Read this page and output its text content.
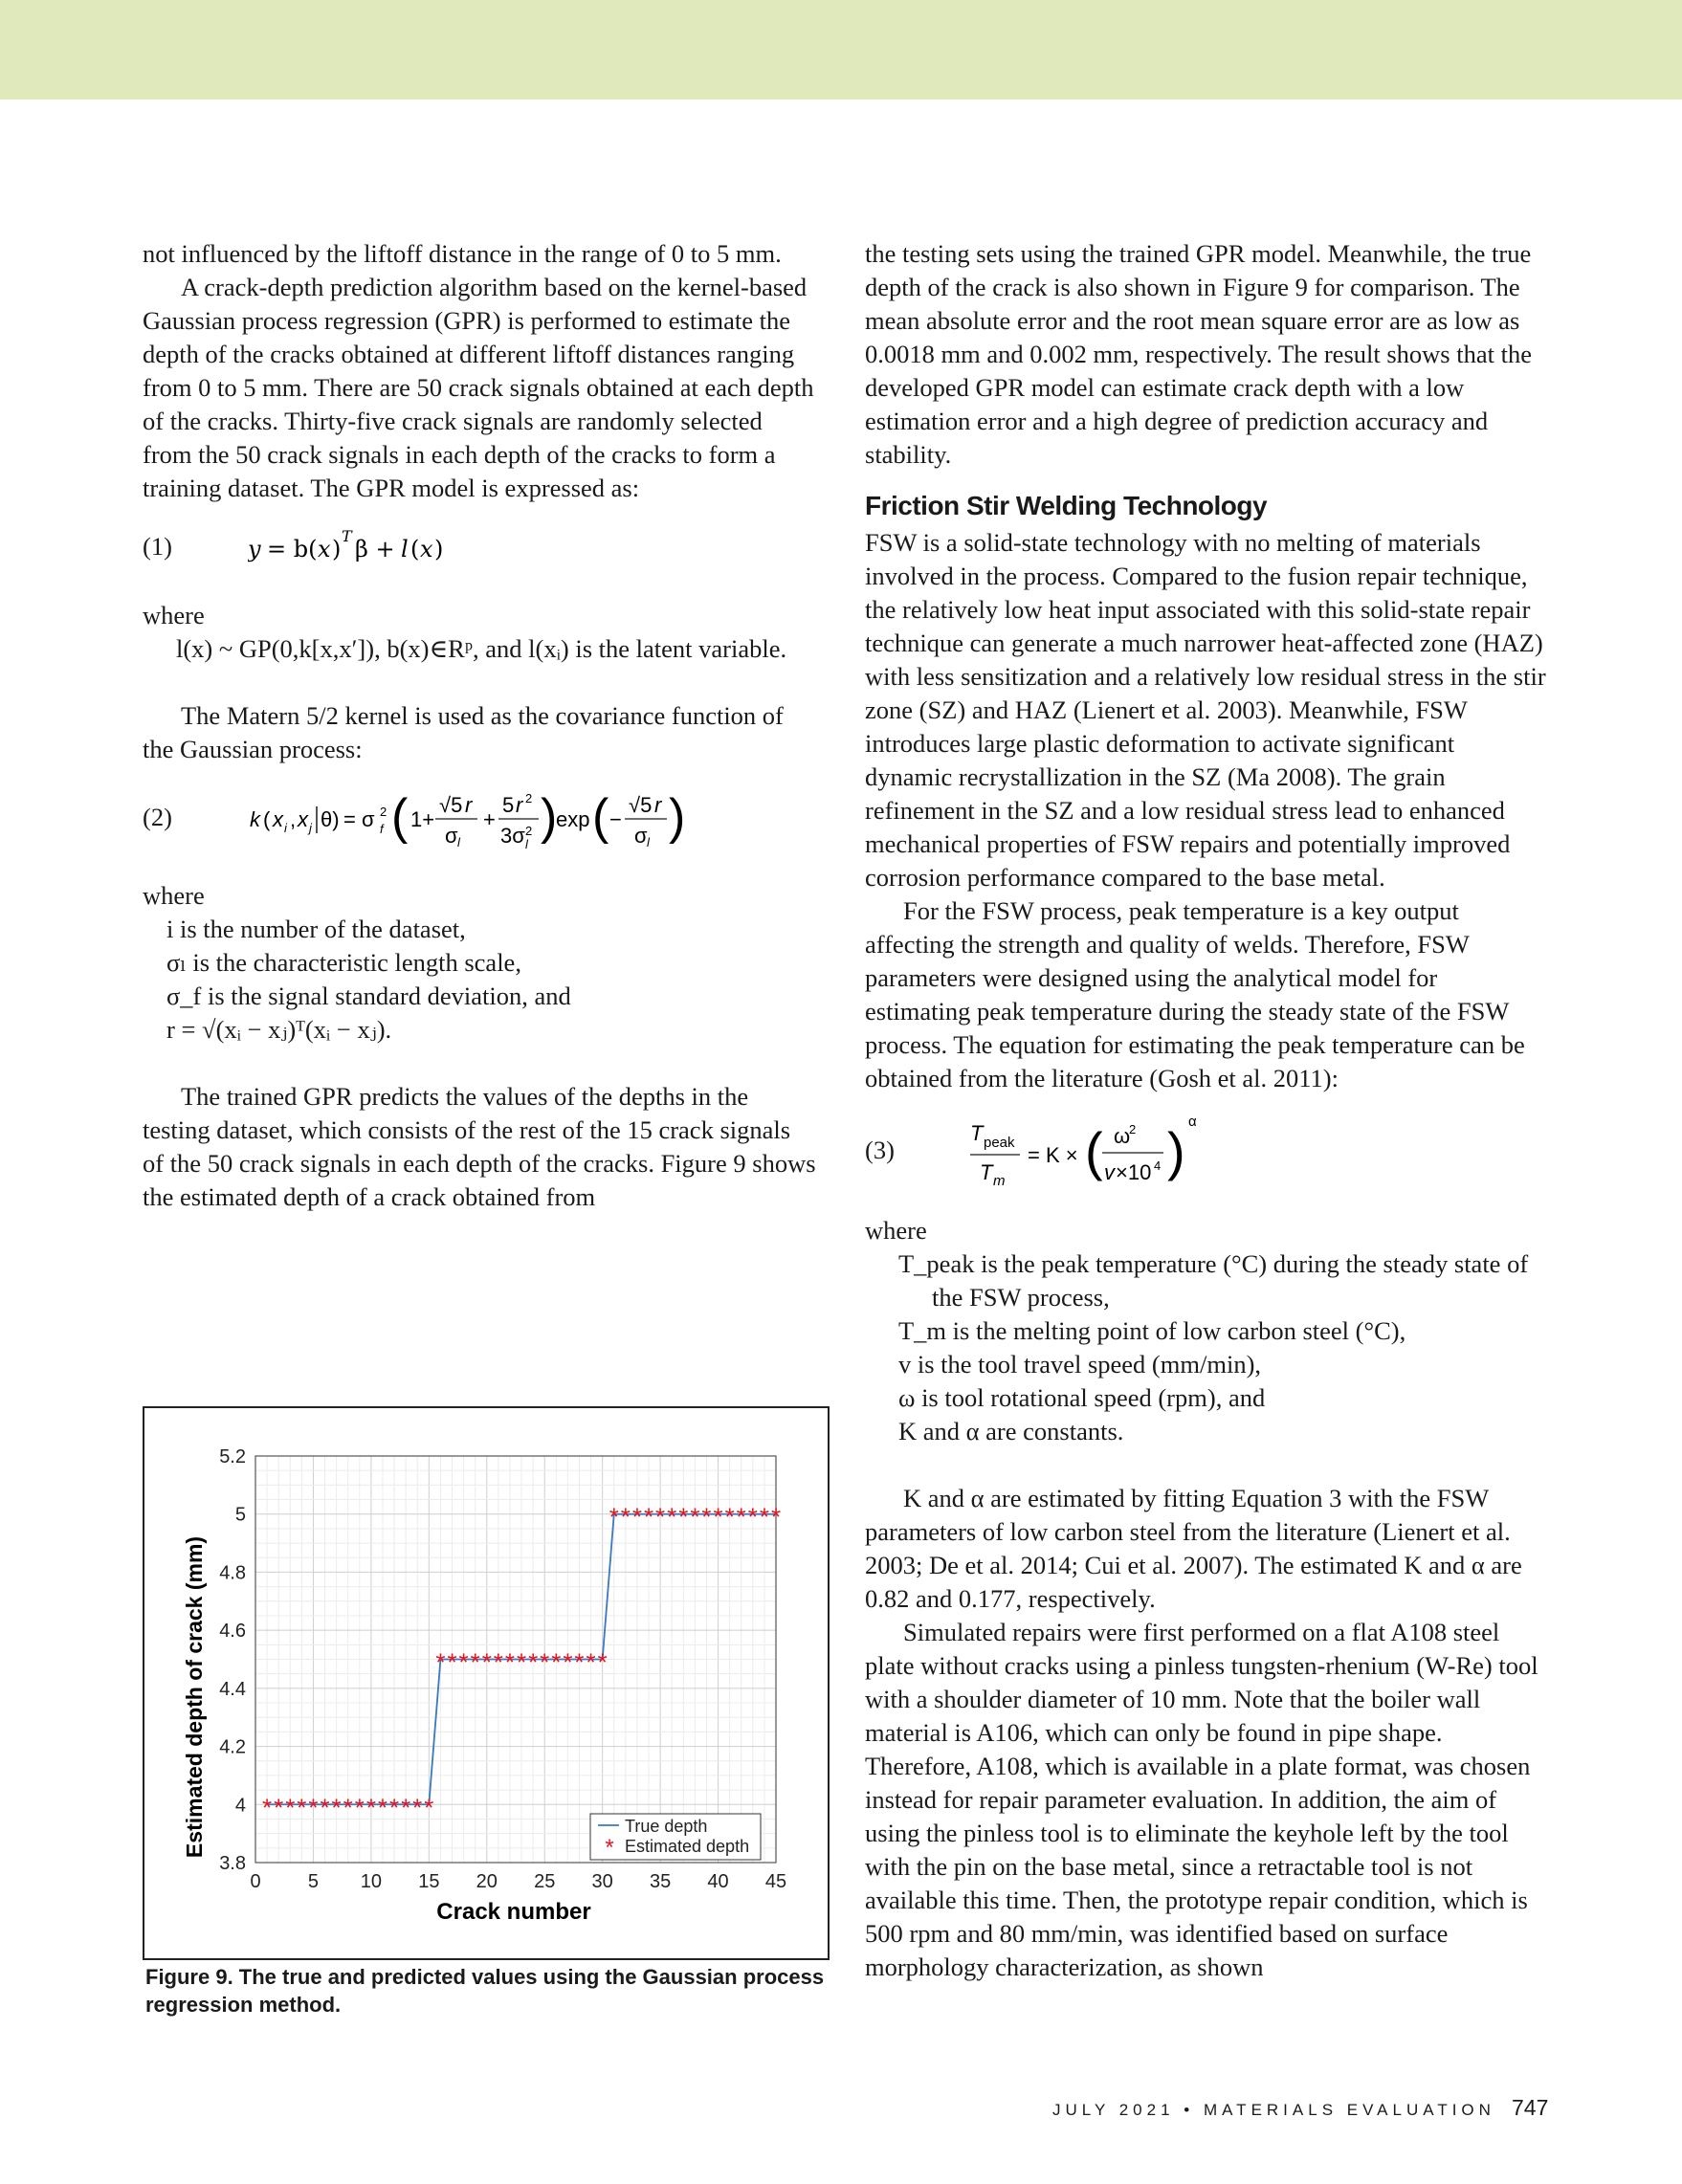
not influenced by the liftoff distance in the range of 0 to 5 mm.

A crack-depth prediction algorithm based on the kernel-based Gaussian process regression (GPR) is performed to estimate the depth of the cracks obtained at different liftoff distances ranging from 0 to 5 mm. There are 50 crack signals obtained at each depth of the cracks. Thirty-five crack signals are randomly selected from the 50 crack signals in each depth of the cracks to form a training dataset. The GPR model is expressed as:

(1)	y = b( x ) T β + l ( x )

where

l(x) ~ GP(0,k[x,x′]), b(x)∈Rᵖ, and l(xᵢ) is the latent variable.

The Matern 5/2 kernel is used as the covariance function of the Gaussian process:

(2)	k ( x i , x j θ) = σ 2
f ( 1+
√5 r
σ l
+
5 r 2
3σ 2
l )
exp ( −
√5 r
σ l )

where

i is the number of the dataset,

σₗ is the characteristic length scale,

σ_f is the signal standard deviation, and

r = √(xᵢ − xⱼ)ᵀ(xᵢ − xⱼ).

The trained GPR predicts the values of the depths in the testing dataset, which consists of the rest of the 15 crack signals of the 50 crack signals in each depth of the cracks. Figure 9 shows the estimated depth of a crack obtained from

* * * * * * * * * * * * * * *
* * * * * * * * * * * * * * *
* * * * * * * * * * * * * * *
0 5 10 15 20 25 30 35 40 45
3.8
4
4.2
4.4
4.6
4.8
5
5.2
Crack number
Estimated depth of crack (mm)	True depth
* Estimated depth
Figure 9. The true and predicted values using the Gaussian process regression method.

the testing sets using the trained GPR model. Meanwhile, the true depth of the crack is also shown in Figure 9 for comparison. The mean absolute error and the root mean square error are as low as 0.0018 mm and 0.002 mm, respectively. The result shows that the developed GPR model can estimate crack depth with a low estimation error and a high degree of prediction accuracy and stability.

Friction Stir Welding Technology

FSW is a solid-state technology with no melting of materials involved in the process. Compared to the fusion repair technique, the relatively low heat input associated with this solid-state repair technique can generate a much narrower heat-affected zone (HAZ) with less sensitization and a relatively low residual stress in the stir zone (SZ) and HAZ (Lienert et al. 2003). Meanwhile, FSW introduces large plastic deformation to activate significant dynamic recrystallization in the SZ (Ma 2008). The grain refinement in the SZ and a low residual stress lead to enhanced mechanical properties of FSW repairs and potentially improved corrosion performance compared to the base metal.

For the FSW process, peak temperature is a key output affecting the strength and quality of welds. Therefore, FSW parameters were designed using the analytical model for estimating peak temperature during the steady state of the FSW process. The equation for estimating the peak temperature can be obtained from the literature (Gosh et al. 2011):

(3)
T peak
T m
= K × ( ω
2
v ×10 4 ) α

where

T_peak is the peak temperature (°C) during the steady state of the FSW process,

T_m is the melting point of low carbon steel (°C),

v is the tool travel speed (mm/min),

ω is tool rotational speed (rpm), and

K and α are constants.

K and α are estimated by fitting Equation 3 with the FSW parameters of low carbon steel from the literature (Lienert et al. 2003; De et al. 2014; Cui et al. 2007). The estimated K and α are 0.82 and 0.177, respectively.

Simulated repairs were first performed on a flat A108 steel plate without cracks using a pinless tungsten-rhenium (W-Re) tool with a shoulder diameter of 10 mm. Note that the boiler wall material is A106, which can only be found in pipe shape. Therefore, A108, which is available in a plate format, was chosen instead for repair parameter evaluation. In addition, the aim of using the pinless tool is to eliminate the keyhole left by the tool with the pin on the base metal, since a retractable tool is not available this time. Then, the prototype repair condition, which is 500 rpm and 80 mm/min, was identified based on surface morphology characterization, as shown

JULY 2021 • MATERIALS EVALUATION 747
